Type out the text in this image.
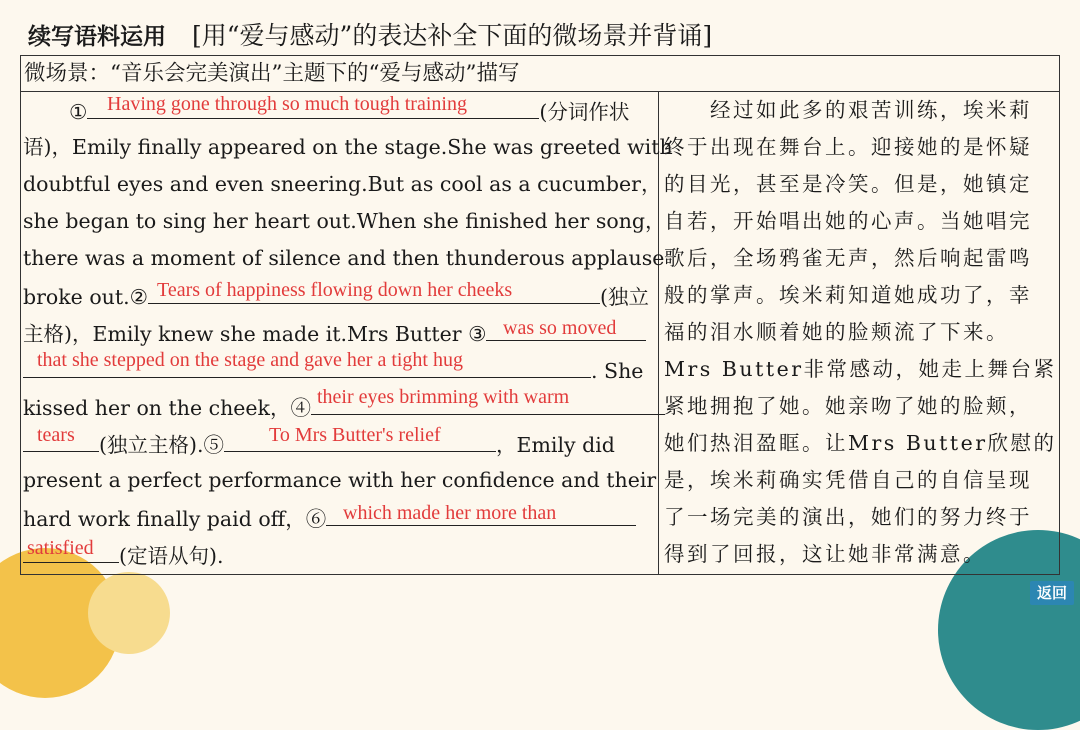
续写语料运用 [用“爱与感动”的表达补全下面的微场景并背诵]
微场景：“音乐会完美演出”主题下的“爱与感动”描写
①	(分词作状
Having gone through so much tough training
语)，Emily finally appeared on the stage.She was greeted with
doubtful eyes and even sneering.But as cool as a cucumber，
she began to sing her heart out.When she finished her song，
there was a moment of silence and then thunderous applause
broke out.②	(独立
Tears of happiness flowing down her cheeks
主格)，Emily knew she made it.Mrs Butter ③ was so moved
. She
that she stepped on the stage and gave her a tight hug
kissed her on the cheek，④ their eyes brimming with warm
(独立主格).⑤	，Emily did
tears	To Mrs Butter's relief
present a perfect performance with her confidence and their
hard work finally paid off，⑥ which made her more than
(定语从句).
satisfied
　　经过如此多的艰苦训练，埃米莉
终于出现在舞台上。迎接她的是怀疑
的目光，甚至是冷笑。但是，她镇定
自若，开始唱出她的心声。当她唱完
歌后，全场鸦雀无声，然后响起雷鸣
般的掌声。埃米莉知道她成功了，幸
福的泪水顺着她的脸颊流了下来。
Mrs Butter非常感动，她走上舞台紧
紧地拥抱了她。她亲吻了她的脸颊，
她们热泪盈眶。让Mrs Butter欣慰的
是，埃米莉确实凭借自己的自信呈现
了一场完美的演出，她们的努力终于
得到了回报，这让她非常满意。
返回
